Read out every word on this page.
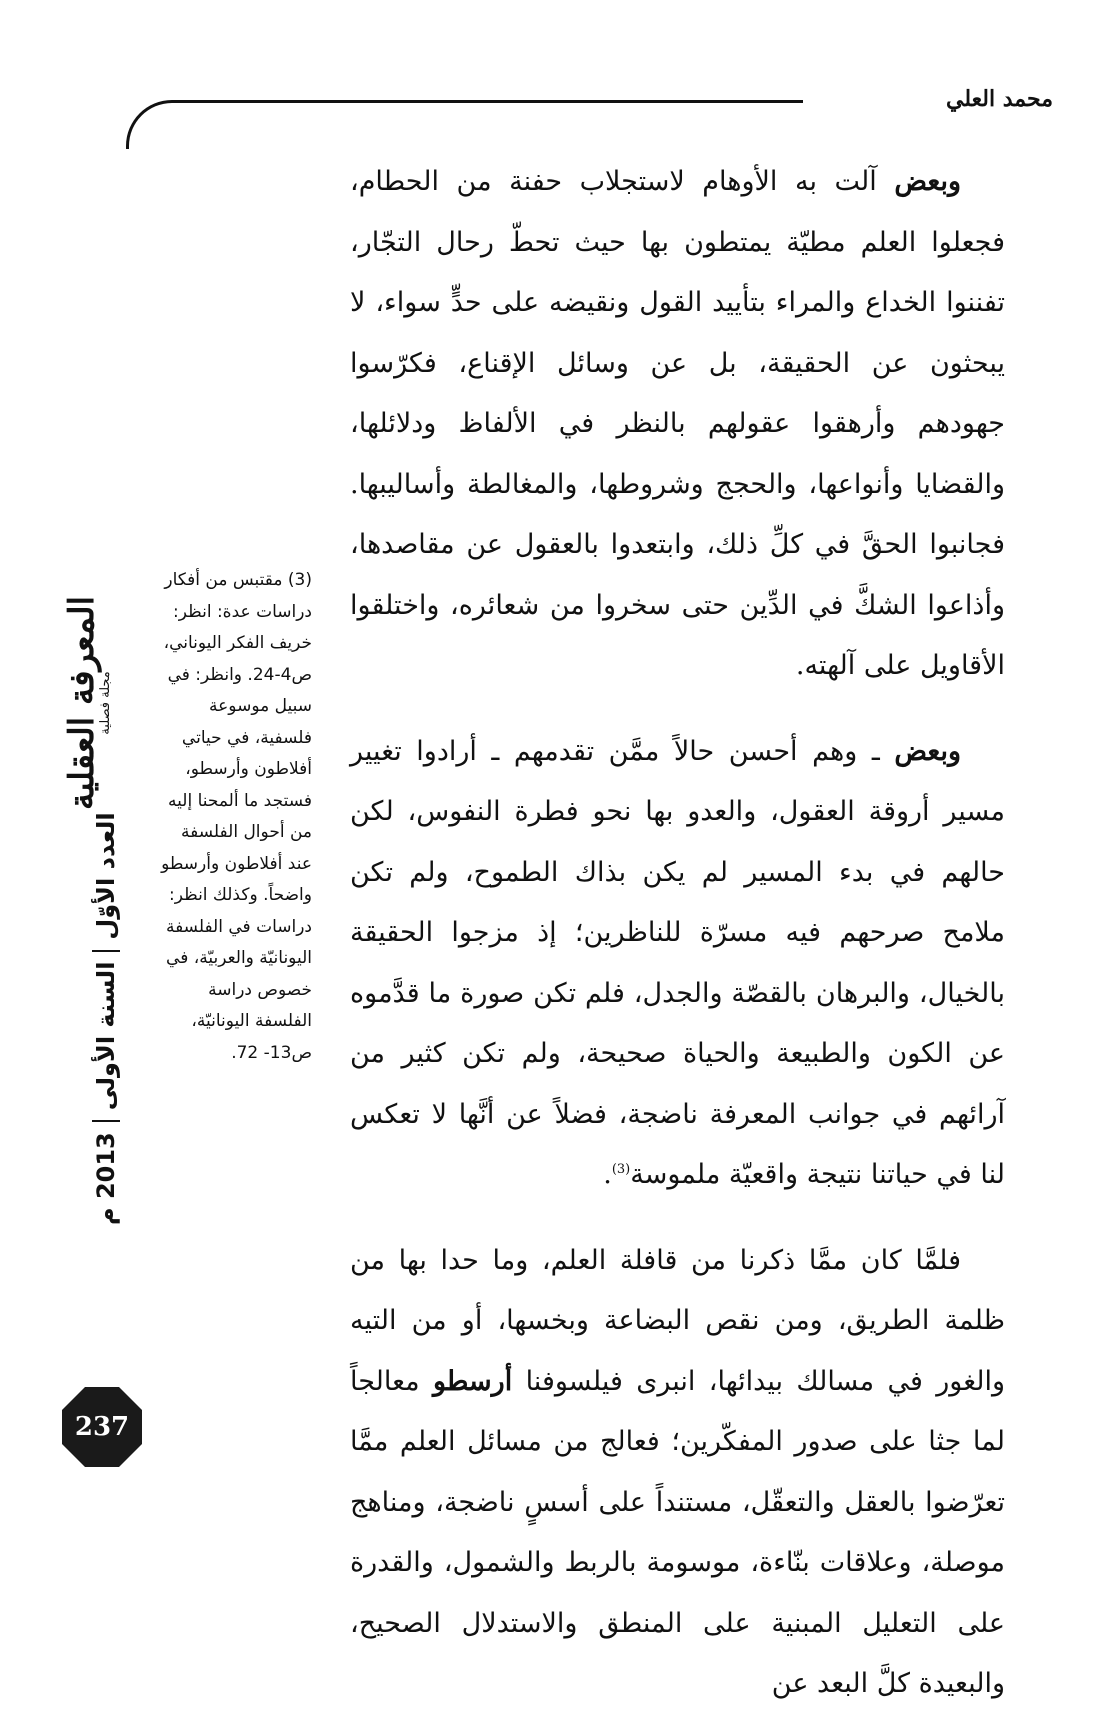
محمد العلي

وبعض آلت به الأوهام لاستجلاب حفنة من الحطام، فجعلوا العلم مطيّة يمتطون بها حيث تحطّ رحال التجّار، تفننوا الخداع والمراء بتأييد القول ونقيضه على حدٍّ سواء، لا يبحثون عن الحقيقة، بل عن وسائل الإقناع، فكرّسوا جهودهم وأرهقوا عقولهم بالنظر في الألفاظ ودلائلها، والقضايا وأنواعها، والحجج وشروطها، والمغالطة وأساليبها. فجانبوا الحقَّ في كلِّ ذلك، وابتعدوا بالعقول عن مقاصدها، وأذاعوا الشكَّ في الدِّين حتى سخروا من شعائره، واختلقوا الأقاويل على آلهته.

وبعض ـ وهم أحسن حالاً ممَّن تقدمهم ـ أرادوا تغيير مسير أروقة العقول، والعدو بها نحو فطرة النفوس، لكن حالهم في بدء المسير لم يكن بذاك الطموح، ولم تكن ملامح صرحهم فيه مسرّة للناظرين؛ إذ مزجوا الحقيقة بالخيال، والبرهان بالقصّة والجدل، فلم تكن صورة ما قدَّموه عن الكون والطبيعة والحياة صحيحة، ولم تكن كثير من آرائهم في جوانب المعرفة ناضجة، فضلاً عن أنَّها لا تعكس لنا في حياتنا نتيجة واقعيّة ملموسة$^{(3)}$.

فلمَّا كان ممَّا ذكرنا من قافلة العلم، وما حدا بها من ظلمة الطريق، ومن نقص البضاعة وبخسها، أو من التيه والغور في مسالك بيدائها، انبرى فيلسوفنا أرسطو معالجاً لما جثا على صدور المفكّرين؛ فعالج من مسائل العلم ممَّا تعرّضوا بالعقل والتعقّل، مستنداً على أسسٍ ناضجة، ومناهج موصلة، وعلاقات بنّاءة، موسومة بالربط والشمول، والقدرة على التعليل المبنية على المنطق والاستدلال الصحيح، والبعيدة كلَّ البعد عن

(3) مقتبس من أفكار دراسات عدة: انظر: خريف الفكر اليوناني، ص4-24. وانظر: في سبيل موسوعة فلسفية، في حياتي أفلاطون وأرسطو، فستجد ما ألمحنا إليه من أحوال الفلسفة عند أفلاطون وأرسطو واضحاً. وكذلك انظر: دراسات في الفلسفة اليونانيّة والعربيّة، في خصوص دراسة الفلسفة اليونانيّة، ص13- 72.
المعرفة العقلية
مجلة فصلية
العدد الأوّل
السنة الأولى
2013 م
237
